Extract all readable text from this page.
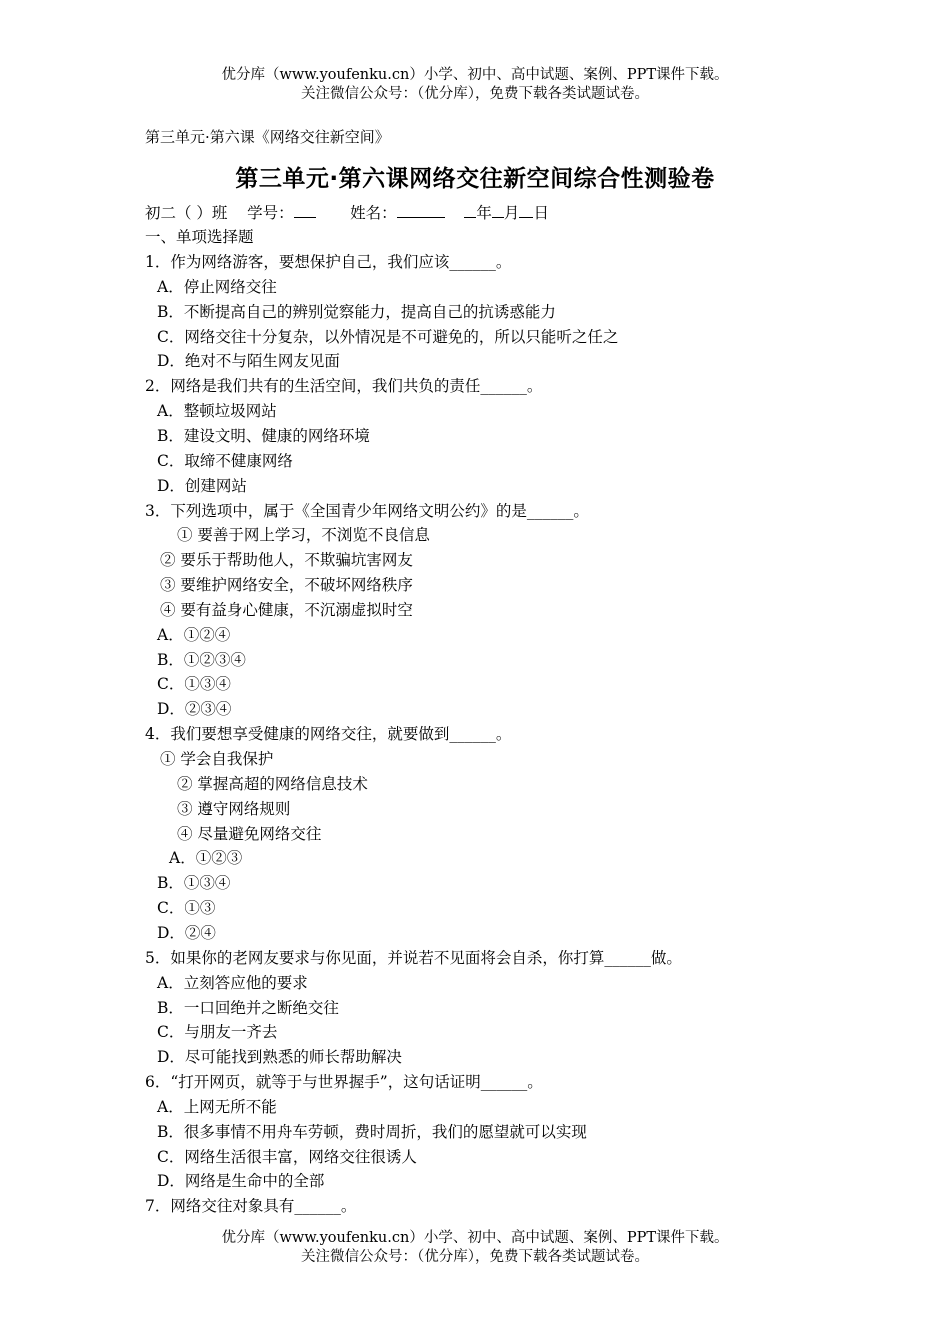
优分库（www.youfenku.cn）小学、初中、高中试题、案例、PPT课件下载。
关注微信公众号：（优分库），免费下载各类试题试卷。
第三单元·第六课《网络交往新空间》
第三单元·第六课网络交往新空间综合性测验卷
初二（ ）班 学号：	姓名：	年 月 日
一、单项选择题
1．作为网络游客，要想保护自己，我们应该______。
A．停止网络交往
B．不断提高自己的辨别觉察能力，提高自己的抗诱惑能力
C．网络交往十分复杂，以外情况是不可避免的，所以只能听之任之
D．绝对不与陌生网友见面
2．网络是我们共有的生活空间，我们共负的责任______。
A．整顿垃圾网站
B．建设文明、健康的网络环境
C．取缔不健康网络
D．创建网站
3．下列选项中，属于《全国青少年网络文明公约》的是______。
① 要善于网上学习，不浏览不良信息
② 要乐于帮助他人，不欺骗坑害网友
③ 要维护网络安全，不破坏网络秩序
④ 要有益身心健康，不沉溺虚拟时空
A．①②④
B．①②③④
C．①③④
D．②③④
4．我们要想享受健康的网络交往，就要做到______。
① 学会自我保护
② 掌握高超的网络信息技术
③ 遵守网络规则
④ 尽量避免网络交往
A．①②③
B．①③④
C．①③
D．②④
5．如果你的老网友要求与你见面，并说若不见面将会自杀，你打算______做。
A．立刻答应他的要求
B．一口回绝并之断绝交往
C．与朋友一齐去
D．尽可能找到熟悉的师长帮助解决
6．“打开网页，就等于与世界握手”，这句话证明______。
A．上网无所不能
B．很多事情不用舟车劳顿，费时周折，我们的愿望就可以实现
C．网络生活很丰富，网络交往很诱人
D．网络是生命中的全部
7．网络交往对象具有______。
优分库（www.youfenku.cn）小学、初中、高中试题、案例、PPT课件下载。
关注微信公众号：（优分库），免费下载各类试题试卷。
